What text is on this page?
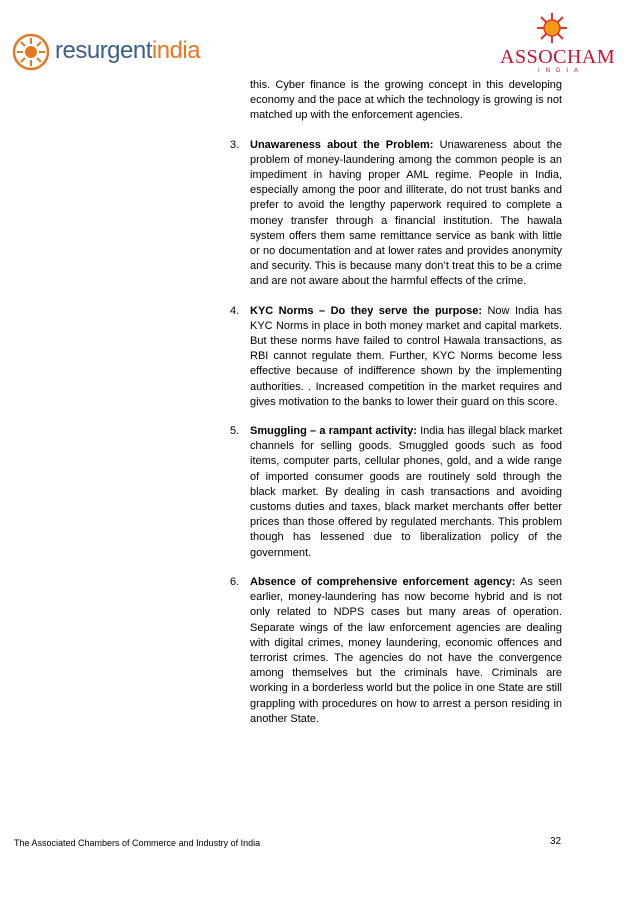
resurgentindia	ASSOCHAM
INDIA
this. Cyber finance is the growing concept in this developing economy and the pace at which the technology is growing is not matched up with the enforcement agencies.
3. Unawareness about the Problem: Unawareness about the problem of money-laundering among the common people is an impediment in having proper AML regime. People in India, especially among the poor and illiterate, do not trust banks and prefer to avoid the lengthy paperwork required to complete a money transfer through a financial institution. The hawala system offers them same remittance service as bank with little or no documentation and at lower rates and provides anonymity and security. This is because many don’t treat this to be a crime and are not aware about the harmful effects of the crime.
4. KYC Norms – Do they serve the purpose: Now India has KYC Norms in place in both money market and capital markets. But these norms have failed to control Hawala transactions, as RBI cannot regulate them. Further, KYC Norms become less effective because of indifference shown by the implementing authorities. . Increased competition in the market requires and gives motivation to the banks to lower their guard on this score.
5. Smuggling – a rampant activity: India has illegal black market channels for selling goods. Smuggled goods such as food items, computer parts, cellular phones, gold, and a wide range of imported consumer goods are routinely sold through the black market. By dealing in cash transactions and avoiding customs duties and taxes, black market merchants offer better prices than those offered by regulated merchants. This problem though has lessened due to liberalization policy of the government.
6. Absence of comprehensive enforcement agency: As seen earlier, money-laundering has now become hybrid and is not only related to NDPS cases but many areas of operation. Separate wings of the law enforcement agencies are dealing with digital crimes, money laundering, economic offences and terrorist crimes. The agencies do not have the convergence among themselves but the criminals have. Criminals are working in a borderless world but the police in one State are still grappling with procedures on how to arrest a person residing in another State.
The Associated Chambers of Commerce and Industry of India	32
